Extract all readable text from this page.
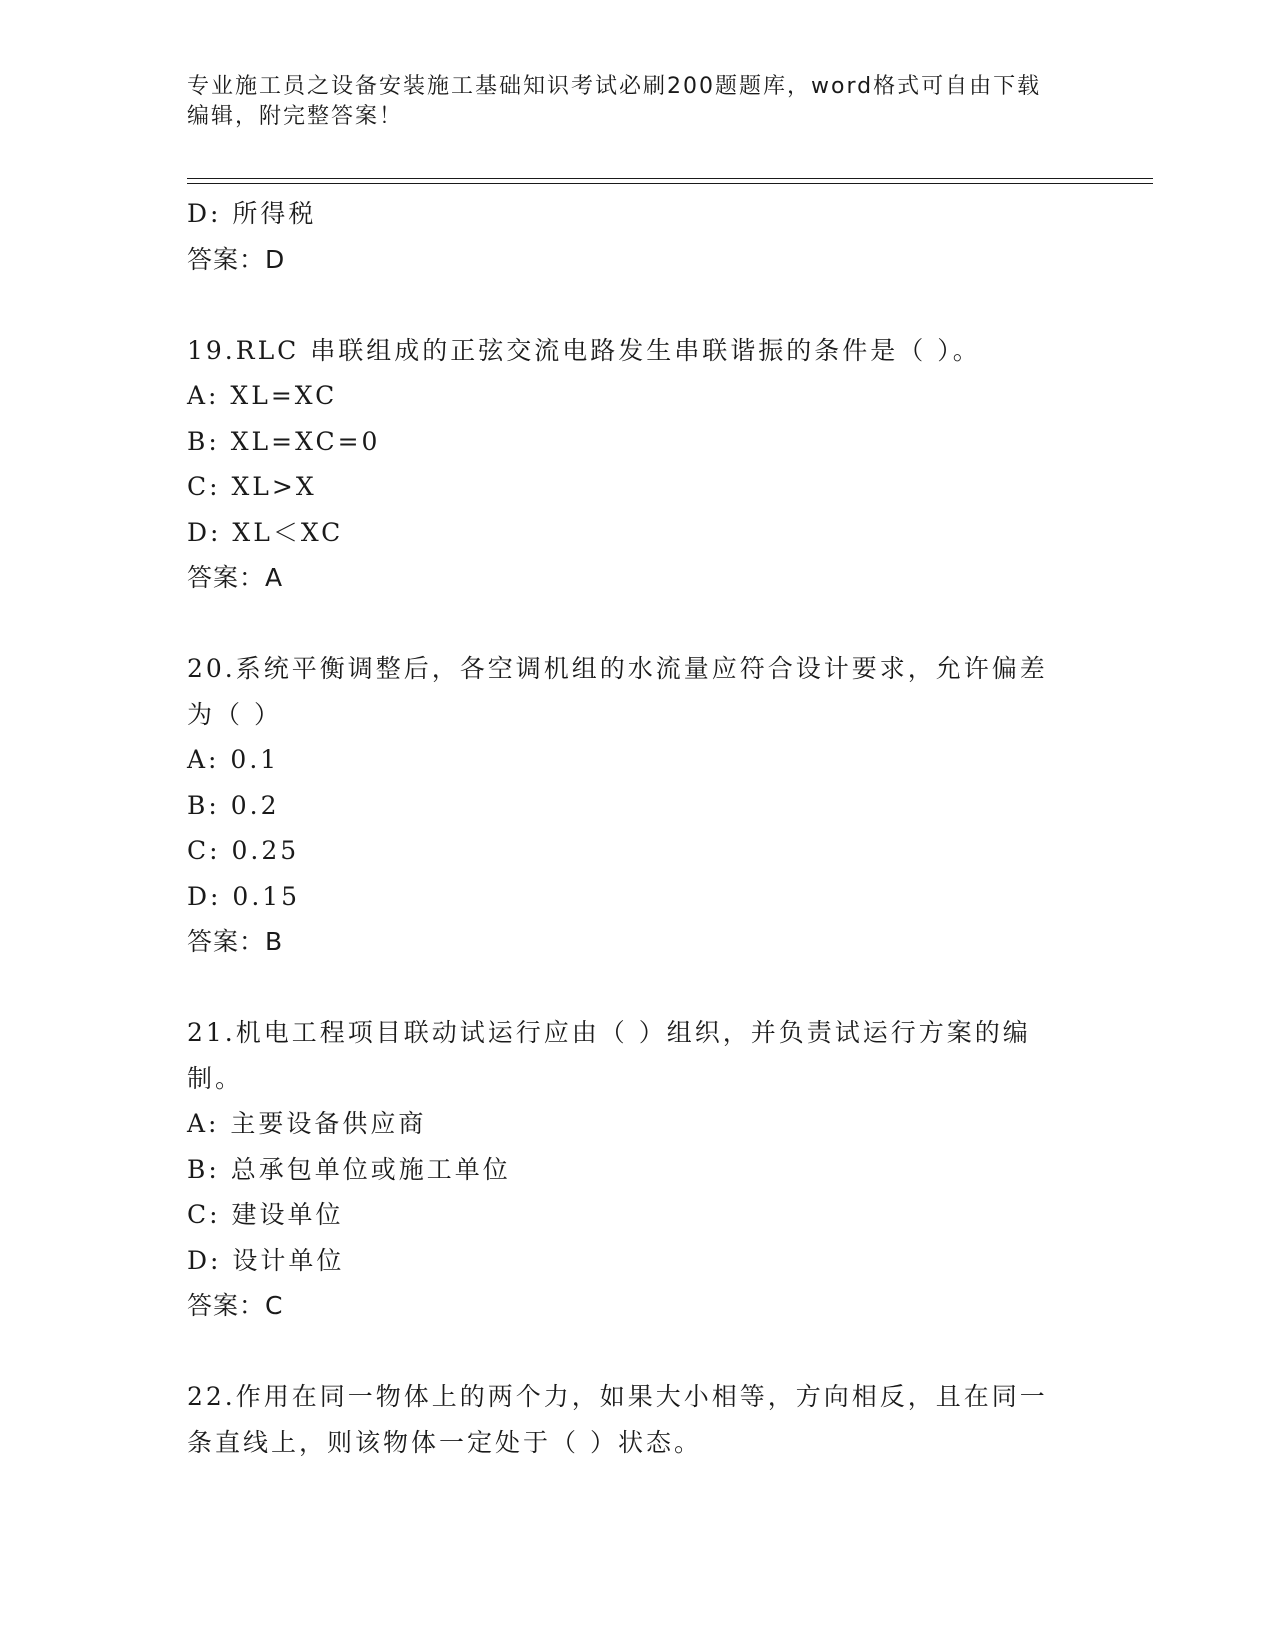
专业施工员之设备安装施工基础知识考试必刷200题题库，word格式可自由下载
编辑，附完整答案！
D: 所得税
答案：D
19.RLC 串联组成的正弦交流电路发生串联谐振的条件是（ ）。
A: XL=XC
B: XL=XC=0
C: XL>X
D: XL＜XC
答案：A
20.系统平衡调整后，各空调机组的水流量应符合设计要求，允许偏差
为（ ）
A: 0.1
B: 0.2
C: 0.25
D: 0.15
答案：B
21.机电工程项目联动试运行应由（ ）组织，并负责试运行方案的编
制。
A: 主要设备供应商
B: 总承包单位或施工单位
C: 建设单位
D: 设计单位
答案：C
22.作用在同一物体上的两个力，如果大小相等，方向相反，且在同一
条直线上，则该物体一定处于（ ）状态。
